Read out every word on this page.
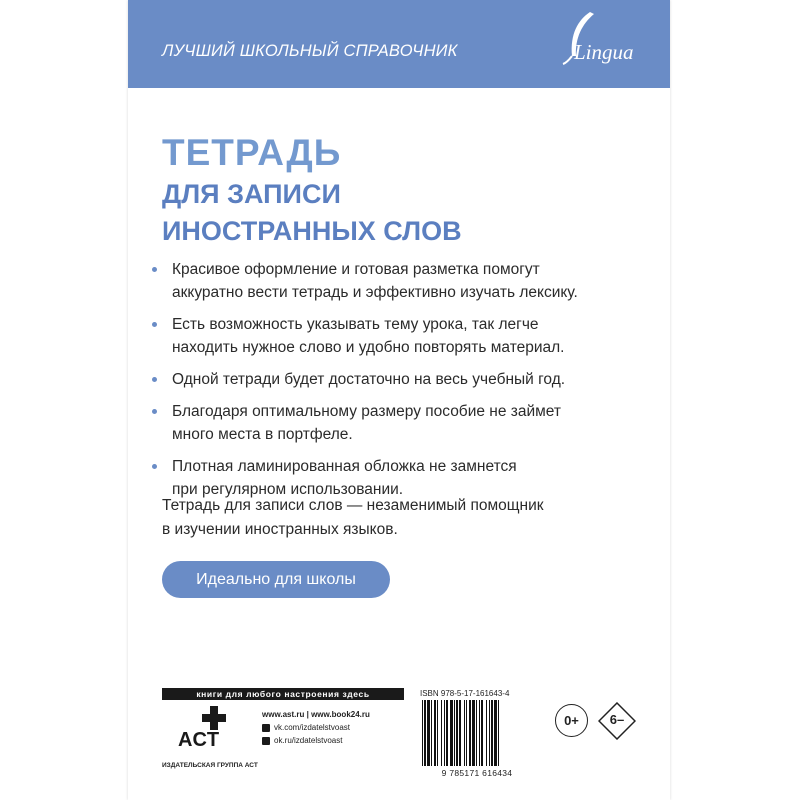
ЛУЧШИЙ ШКОЛЬНЫЙ СПРАВОЧНИК	Lingua
ТЕТРАДЬ
ДЛЯ ЗАПИСИ
ИНОСТРАННЫХ СЛОВ
Красивое оформление и готовая разметка помогут
аккуратно вести тетрадь и эффективно изучать лексику.
Есть возможность указывать тему урока, так легче
находить нужное слово и удобно повторять материал.
Одной тетради будет достаточно на весь учебный год.
Благодаря оптимальному размеру пособие не займет
много места в портфеле.
Плотная ламинированная обложка не замнется
при регулярном использовании.
Тетрадь для записи слов — незаменимый помощник
в изучении иностранных языков.
Идеально для школы
книги для любого настроения здесь
ACT
ИЗДАТЕЛЬСКАЯ ГРУППА АСТ
www.ast.ru | www.book24.ru
vk.com/izdatelstvoast
ok.ru/izdatelstvoast
ISBN 978-5-17-161643-4
9 785171 616434
0+	6–
